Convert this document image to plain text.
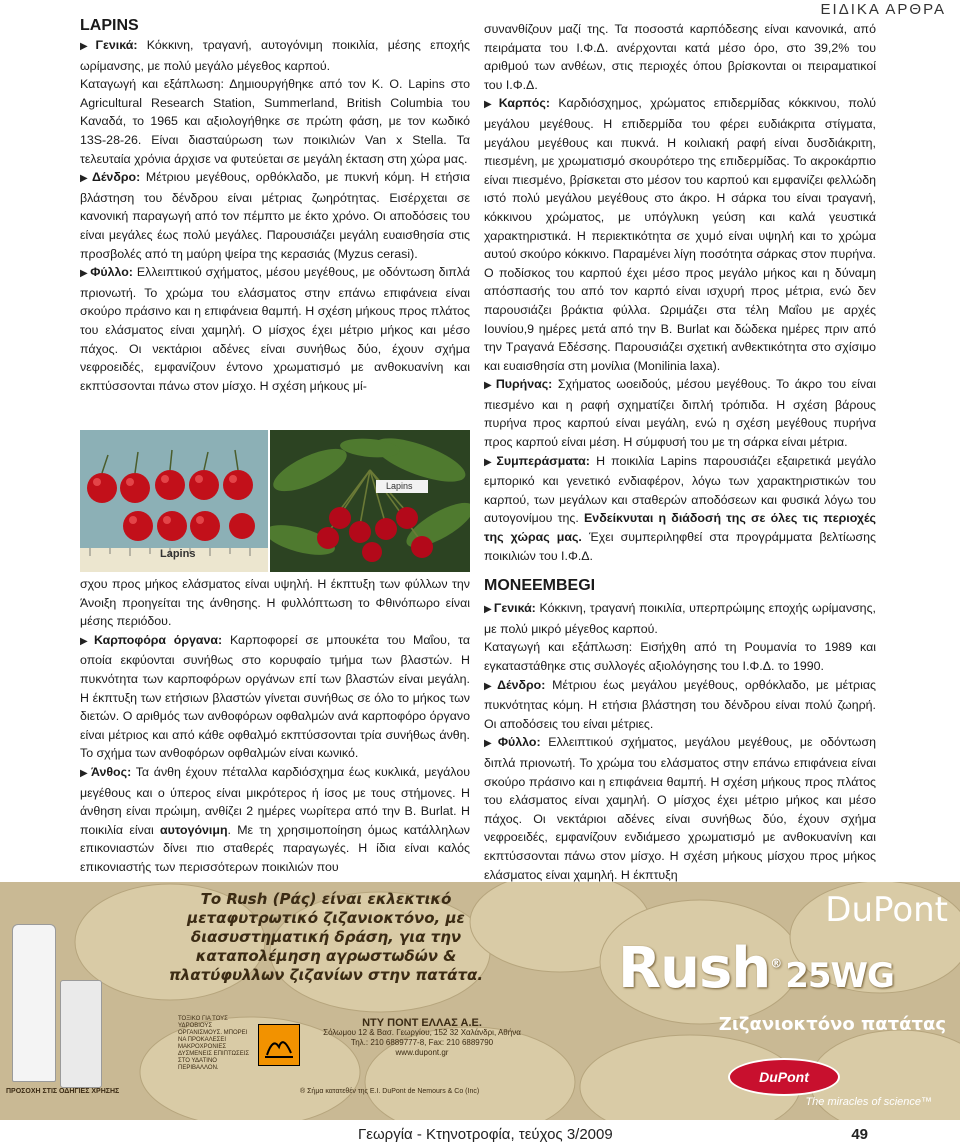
ΕΙΔΙΚΑ ΑΡΘΡΑ
LAPINS

▶ Γενικά: Κόκκινη, τραγανή, αυτογόνιμη ποικιλία, μέσης εποχής ωρίμανσης, με πολύ μεγάλο μέγεθος καρπού.

Καταγωγή και εξάπλωση: Δημιουργήθηκε από τον K. O. Lapins στο Agricultural Research Station, Summerland, British Columbia του Καναδά, το 1965 και αξιολογήθηκε σε πρώτη φάση, με τον κωδικό 13S-28-26. Είναι διασταύρωση των ποικιλιών Van x Stella. Τα τελευταία χρόνια άρχισε να φυτεύεται σε μεγάλη έκταση στη χώρα μας.

▶ Δένδρο: Μέτριου μεγέθους, ορθόκλαδο, με πυκνή κόμη. Η ετήσια βλάστηση του δένδρου είναι μέτριας ζωηρότητας. Εισέρχεται σε κανονική παραγωγή από τον πέμπτο με έκτο χρόνο. Οι αποδόσεις του είναι μεγάλες έως πολύ μεγάλες. Παρουσιάζει μεγάλη ευαισθησία στις προσβολές από τη μαύρη ψείρα της κερασιάς (Myzus cerasi).

▶ Φύλλο: Ελλειπτικού σχήματος, μέσου μεγέθους, με οδόντωση διπλά πριονωτή. Το χρώμα του ελάσματος στην επάνω επιφάνεια είναι σκούρο πράσινο και η επιφάνεια θαμπή. Η σχέση μήκους προς πλάτος του ελάσματος είναι χαμηλή. Ο μίσχος έχει μέτριο μήκος και μέσο πάχος. Οι νεκτάριοι αδένες είναι συνήθως δύο, έχουν σχήμα νεφροειδές, εμφανίζουν έντονο χρωματισμό με ανθοκυανίνη και εκπτύσσονται πάνω στον μίσχο. Η σχέση μήκους μί-

Lapins
Lapins

σχου προς μήκος ελάσματος είναι υψηλή. Η έκπτυξη των φύλλων την Άνοιξη προηγείται της άνθησης. Η φυλλόπτωση το Φθινόπωρο είναι μέσης περιόδου.

▶ Καρποφόρα όργανα: Καρποφορεί σε μπουκέτα του Μαΐου, τα οποία εκφύονται συνήθως στο κορυφαίο τμήμα των βλαστών. Η πυκνότητα των καρποφόρων οργάνων επί των βλαστών είναι μεγάλη. Η έκπτυξη των ετήσιων βλαστών γίνεται συνήθως σε όλο το μήκος των διετών. Ο αριθμός των ανθοφόρων οφθαλμών ανά καρποφόρο όργανο είναι μέτριος και από κάθε οφθαλμό εκπτύσσονται τρία συνήθως άνθη. Το σχήμα των ανθοφόρων οφθαλμών είναι κωνικό.

▶ Άνθος: Τα άνθη έχουν πέταλλα καρδιόσχημα έως κυκλικά, μεγάλου μεγέθους και ο ύπερος είναι μικρότερος ή ίσος με τους στήμονες. Η άνθηση είναι πρώιμη, ανθίζει 2 ημέρες νωρίτερα από την B. Burlat. Η ποικιλία είναι αυτογόνιμη. Με τη χρησιμοποίηση όμως κατάλληλων επικονιαστών δίνει πιο σταθερές παραγωγές. Η ίδια είναι καλός επικονιαστής των περισσότερων ποικιλιών που

συνανθίζουν μαζί της. Τα ποσοστά καρπόδεσης είναι κανονικά, από πειράματα του Ι.Φ.Δ. ανέρχονται κατά μέσο όρο, στο 39,2% του αριθμού των ανθέων, στις περιοχές όπου βρίσκονται οι πειραματικοί του Ι.Φ.Δ.

▶ Καρπός: Καρδιόσχημος, χρώματος επιδερμίδας κόκκινου, πολύ μεγάλου μεγέθους. Η επιδερμίδα του φέρει ευδιάκριτα στίγματα, μεγάλου μεγέθους και πυκνά. Η κοιλιακή ραφή είναι δυσδιάκριτη, πιεσμένη, με χρωματισμό σκουρότερο της επιδερμίδας. Το ακροκάρπιο είναι πιεσμένο, βρίσκεται στο μέσον του καρπού και εμφανίζει φελλώδη ιστό πολύ μεγάλου μεγέθους στο άκρο. Η σάρκα του είναι τραγανή, κόκκινου χρώματος, με υπόγλυκη γεύση και καλά γευστικά χαρακτηριστικά. Η περιεκτικότητα σε χυμό είναι υψηλή και το χρώμα αυτού σκούρο κόκκινο. Παραμένει λίγη ποσότητα σάρκας στον πυρήνα. Ο ποδίσκος του καρπού έχει μέσο προς μεγάλο μήκος και η δύναμη απόσπασής του από τον καρπό είναι ισχυρή προς μέτρια, ενώ δεν παρουσιάζει βράκτια φύλλα. Ωριμάζει στα τέλη Μαΐου με αρχές Ιουνίου,9 ημέρες μετά από την B. Burlat και δώδεκα ημέρες πριν από την Τραγανά Εδέσσης. Παρουσιάζει σχετική ανθεκτικότητα στο σχίσιμο και ευαισθησία στη μονίλια (Monilinia laxa).

▶ Πυρήνας: Σχήματος ωοειδούς, μέσου μεγέθους. Το άκρο του είναι πιεσμένο και η ραφή σχηματίζει διπλή τρόπιδα. Η σχέση βάρους πυρήνα προς καρπού είναι μεγάλη, ενώ η σχέση μεγέθους πυρήνα προς καρπού είναι μέση. Η σύμφυσή του με τη σάρκα είναι μέτρια.

▶ Συμπεράσματα: Η ποικιλία Lapins παρουσιάζει εξαιρετικά μεγάλο εμπορικό και γενετικό ενδιαφέρον, λόγω των χαρακτηριστικών του καρπού, των μεγάλων και σταθερών αποδόσεων και φυσικά λόγω του αυτογονίμου της. Ενδείκνυται η διάδοσή της σε όλες τις περιοχές της χώρας μας. Έχει συμπεριληφθεί στα προγράμματα βελτίωσης ποικιλιών του Ι.Φ.Δ.

MONEEMBEGI

▶ Γενικά: Κόκκινη, τραγανή ποικιλία, υπερπρώιμης εποχής ωρίμανσης, με πολύ μικρό μέγεθος καρπού.

Καταγωγή και εξάπλωση: Εισήχθη από τη Ρουμανία το 1989 και εγκαταστάθηκε στις συλλογές αξιολόγησης του Ι.Φ.Δ. το 1990.

▶ Δένδρο: Μέτριου έως μεγάλου μεγέθους, ορθόκλαδο, με μέτριας πυκνότητας κόμη. Η ετήσια βλάστηση του δένδρου είναι πολύ ζωηρή. Οι αποδόσεις του είναι μέτριες.

▶ Φύλλο: Ελλειπτικού σχήματος, μεγάλου μεγέθους, με οδόντωση διπλά πριονωτή. Το χρώμα του ελάσματος στην επάνω επιφάνεια είναι σκούρο πράσινο και η επιφάνεια θαμπή. Η σχέση μήκους προς πλάτος του ελάσματος είναι χαμηλή. Ο μίσχος έχει μέτριο μήκος και μέσο πάχος. Οι νεκτάριοι αδένες είναι συνήθως δύο, έχουν σχήμα νεφροειδές, εμφανίζουν ενδιάμεσο χρωματισμό με ανθοκυανίνη και εκπτύσσονται πάνω στον μίσχο. Η σχέση μήκους μίσχου προς μήκος ελάσματος είναι χαμηλή. Η έκπτυξη

Το Rush (Ράς) είναι εκλεκτικό μεταφυτρωτικό ζιζανιοκτόνο, με διασυστηματική δράση, για την καταπολέμηση αγρωστωδών & πλατύφυλλων ζιζανίων στην πατάτα.
DuPont
Rush® 25WG
Ζιζανιοκτόνο πατάτας
ΤΟΞΙΚΟ ΓΙΑ ΤΟΥΣ ΥΔΡΟΒΙΟΥΣ ΟΡΓΑΝΙΣΜΟΥΣ. ΜΠΟΡΕΙ ΝΑ ΠΡΟΚΑΛΕΣΕΙ ΜΑΚΡΟΧΡΟΝΙΕΣ ΔΥΣΜΕΝΕΙΣ ΕΠΙΠΤΩΣΕΙΣ ΣΤΟ ΥΔΑΤΙΝΟ ΠΕΡΙΒΑΛΛΟΝ.
ΝΤΥ ΠΟΝΤ ΕΛΛΑΣ Α.Ε.
Σόλωμου 12 & Βασ. Γεωργίου, 152 32 Χαλάνδρι, Αθήνα
Τηλ.: 210 6889777-8, Fax: 210 6889790
www.dupont.gr
ΠΡΟΣΟΧΗ ΣΤΙΣ ΟΔΗΓΙΕΣ ΧΡΗΣΗΣ	® Σήμα κατατεθέν της E.I. DuPont de Nemours & Co (Inc)
DuPont
The miracles of science™
Γεωργία - Κτηνοτροφία, τεύχος 3/2009	49
